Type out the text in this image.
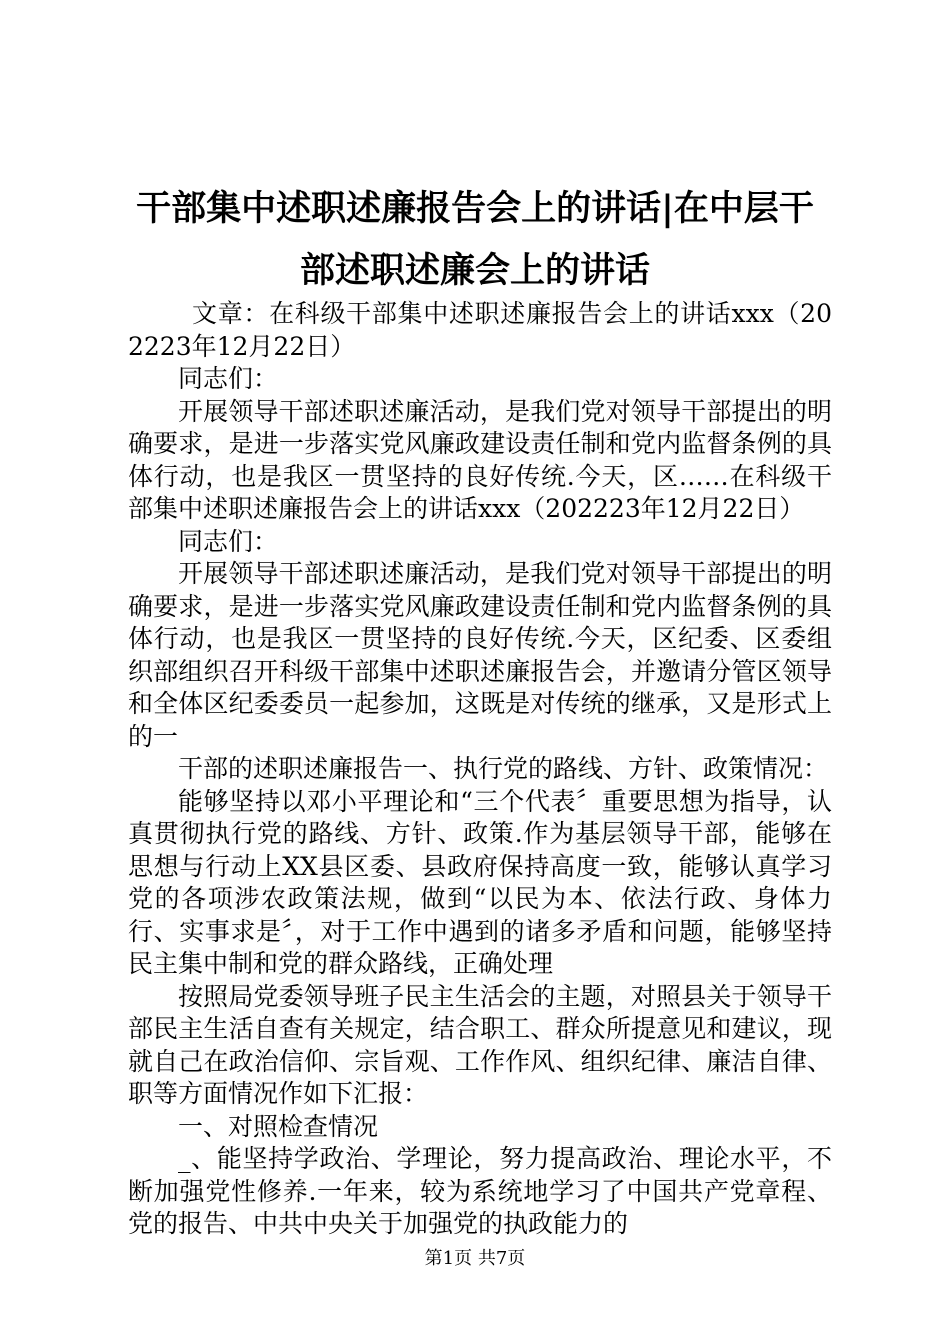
干部集中述职述廉报告会上的讲话|在中层干
部述职述廉会上的讲话

文章：在科级干部集中述职述廉报告会上的讲话xxx（202223年12月22日）

同志们：

开展领导干部述职述廉活动，是我们党对领导干部提出的明确要求，是进一步落实党风廉政建设责任制和党内监督条例的具体行动，也是我区一贯坚持的良好传统.今天，区……在科级干部集中述职述廉报告会上的讲话xxx（202223年12月22日）

同志们：

开展领导干部述职述廉活动，是我们党对领导干部提出的明确要求，是进一步落实党风廉政建设责任制和党内监督条例的具体行动，也是我区一贯坚持的良好传统.今天，区纪委、区委组织部组织召开科级干部集中述职述廉报告会，并邀请分管区领导和全体区纪委委员一起参加，这既是对传统的继承，又是形式上的一

干部的述职述廉报告一、执行党的路线、方针、政策情况：

能够坚持以邓小平理论和“三个代表〞重要思想为指导，认真贯彻执行党的路线、方针、政策.作为基层领导干部，能够在思想与行动上XX县区委、县政府保持高度一致，能够认真学习党的各项涉农政策法规，做到“以民为本、依法行政、身体力行、实事求是〞，对于工作中遇到的诸多矛盾和问题，能够坚持民主集中制和党的群众路线，正确处理

按照局党委领导班子民主生活会的主题，对照县关于领导干部民主生活自查有关规定，结合职工、群众所提意见和建议，现就自己在政治信仰、宗旨观、工作作风、组织纪律、廉洁自律、职等方面情况作如下汇报：

一、对照检查情况

_、能坚持学政治、学理论，努力提高政治、理论水平，不断加强党性修养.一年来，较为系统地学习了中国共产党章程、党的报告、中共中央关于加强党的执政能力的

第1页 共7页
